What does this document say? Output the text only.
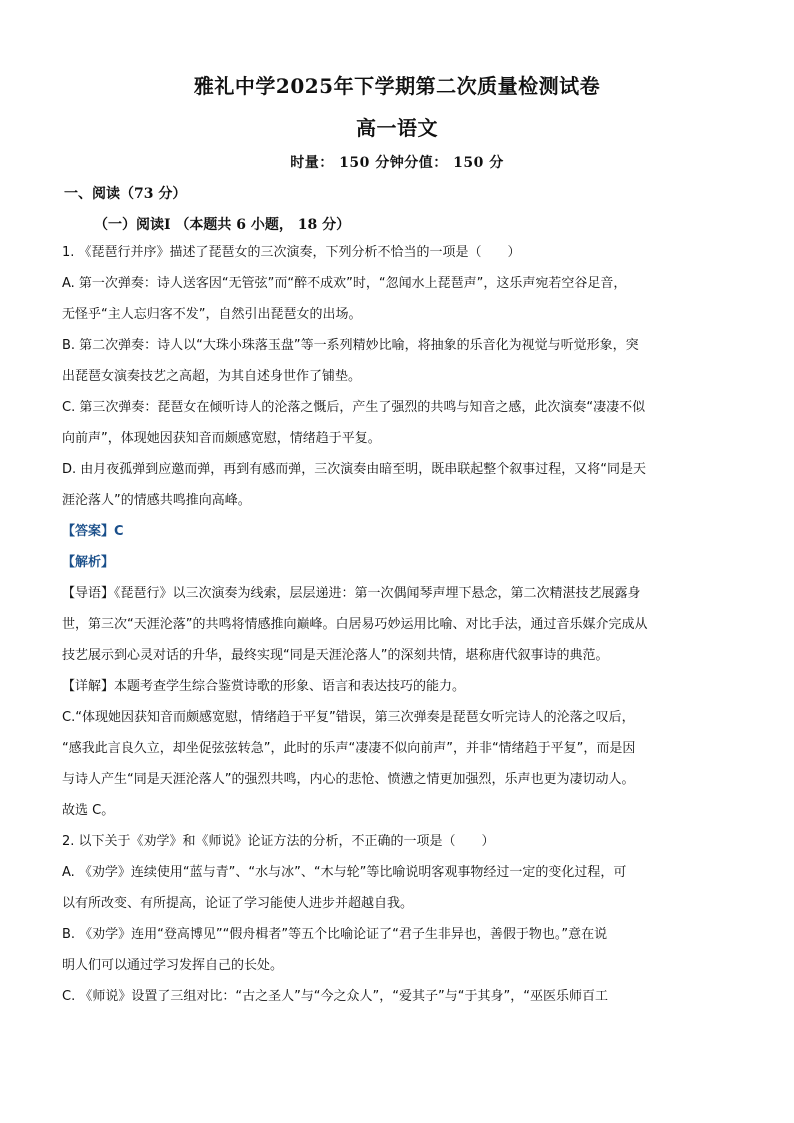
雅礼中学2025年下学期第二次质量检测试卷
高一语文
时量： 150 分钟分值： 150 分
一、阅读（73 分）
（一）阅读Ⅰ （本题共 6 小题， 18 分）
1. 《琵琶行并序》描述了琵琶女的三次演奏，下列分析不恰当的一项是（　　）
A. 第一次弹奏：诗人送客因“无管弦”而“醉不成欢”时，“忽闻水上琵琶声”，这乐声宛若空谷足音，
无怪乎“主人忘归客不发”，自然引出琵琶女的出场。
B. 第二次弹奏：诗人以“大珠小珠落玉盘”等一系列精妙比喻，将抽象的乐音化为视觉与听觉形象，突
出琵琶女演奏技艺之高超，为其自述身世作了铺垫。
C. 第三次弹奏：琵琶女在倾听诗人的沦落之慨后，产生了强烈的共鸣与知音之感，此次演奏“凄凄不似
向前声”，体现她因获知音而颇感宽慰，情绪趋于平复。
D. 由月夜孤弹到应邀而弹，再到有感而弹，三次演奏由暗至明，既串联起整个叙事过程，又将“同是天
涯沦落人”的情感共鸣推向高峰。
【答案】C
【解析】
【导语】《琵琶行》以三次演奏为线索，层层递进：第一次偶闻琴声埋下悬念，第二次精湛技艺展露身
世，第三次“天涯沦落”的共鸣将情感推向巅峰。白居易巧妙运用比喻、对比手法，通过音乐媒介完成从
技艺展示到心灵对话的升华，最终实现“同是天涯沦落人”的深刻共情，堪称唐代叙事诗的典范。
【详解】本题考查学生综合鉴赏诗歌的形象、语言和表达技巧的能力。
C.“体现她因获知音而颇感宽慰，情绪趋于平复”错误，第三次弹奏是琵琶女听完诗人的沦落之叹后，
“感我此言良久立，却坐促弦弦转急”，此时的乐声“凄凄不似向前声”，并非“情绪趋于平复”，而是因
与诗人产生“同是天涯沦落人”的强烈共鸣，内心的悲怆、愤懑之情更加强烈，乐声也更为凄切动人。
故选 C。
2. 以下关于《劝学》和《师说》论证方法的分析，不正确的一项是（　　）
A. 《劝学》连续使用“蓝与青”、“水与冰”、“木与轮”等比喻说明客观事物经过一定的变化过程，可
以有所改变、有所提高，论证了学习能使人进步并超越自我。
B. 《劝学》连用“登高博见”“假舟楫者”等五个比喻论证了“君子生非异也，善假于物也。”意在说
明人们可以通过学习发挥自己的长处。
C. 《师说》设置了三组对比：“古之圣人”与“今之众人”，“爱其子”与“于其身”，“巫医乐师百工
